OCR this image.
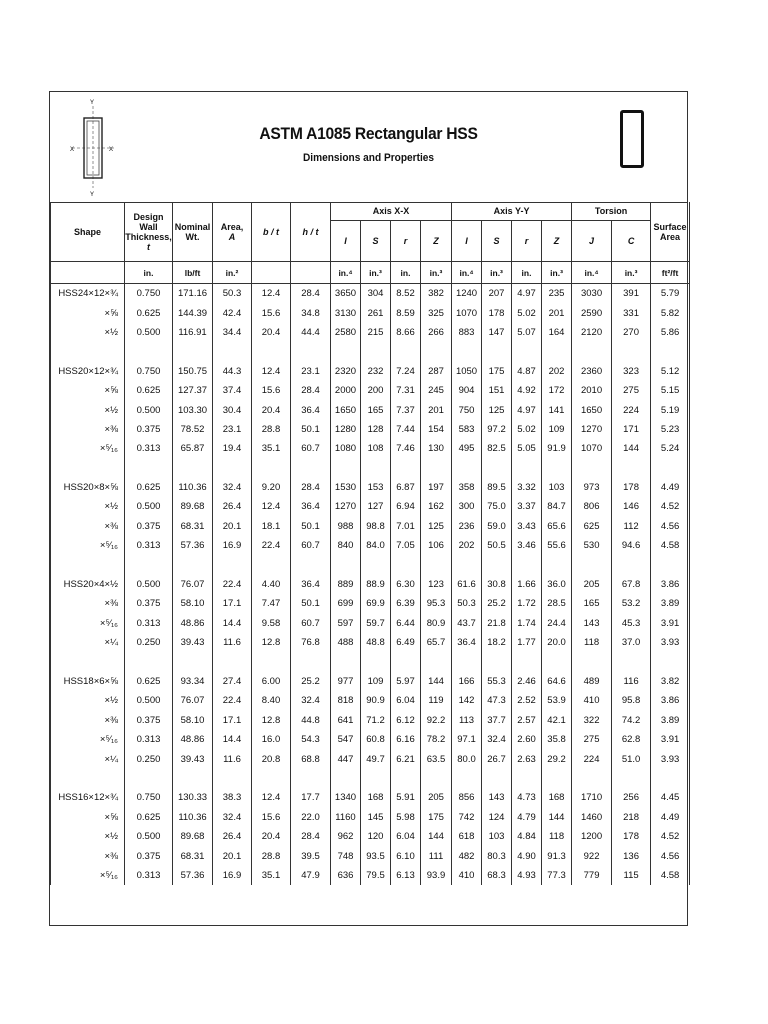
Y
Y
X	X
ASTM A1085 Rectangular HSS
Dimensions and Properties
Shape	Design Wall Thickness,
t	Nominal Wt.	Area,
A	b / t	h / t	Axis X-X				Axis Y-Y				Torsion		Surface Area
						I	S	r	Z	I	S	r	Z	J	C	
	in.	lb/ft	in.²			in.⁴	in.³	in.	in.³	in.⁴	in.³	in.	in.³	in.⁴	in.³	ft²/ft
HSS24×12×¾	0.750	171.16	50.3	12.4	28.4	3650	304	8.52	382	1240	207	4.97	235	3030	391	5.79
×⅝	0.625	144.39	42.4	15.6	34.8	3130	261	8.59	325	1070	178	5.02	201	2590	331	5.82
×½	0.500	116.91	34.4	20.4	44.4	2580	215	8.66	266	883	147	5.07	164	2120	270	5.86

HSS20×12×¾	0.750	150.75	44.3	12.4	23.1	2320	232	7.24	287	1050	175	4.87	202	2360	323	5.12
×⅝	0.625	127.37	37.4	15.6	28.4	2000	200	7.31	245	904	151	4.92	172	2010	275	5.15
×½	0.500	103.30	30.4	20.4	36.4	1650	165	7.37	201	750	125	4.97	141	1650	224	5.19
×⅜	0.375	78.52	23.1	28.8	50.1	1280	128	7.44	154	583	97.2	5.02	109	1270	171	5.23
×⁵⁄₁₆	0.313	65.87	19.4	35.1	60.7	1080	108	7.46	130	495	82.5	5.05	91.9	1070	144	5.24

HSS20×8×⅝	0.625	110.36	32.4	9.20	28.4	1530	153	6.87	197	358	89.5	3.32	103	973	178	4.49
×½	0.500	89.68	26.4	12.4	36.4	1270	127	6.94	162	300	75.0	3.37	84.7	806	146	4.52
×⅜	0.375	68.31	20.1	18.1	50.1	988	98.8	7.01	125	236	59.0	3.43	65.6	625	112	4.56
×⁵⁄₁₆	0.313	57.36	16.9	22.4	60.7	840	84.0	7.05	106	202	50.5	3.46	55.6	530	94.6	4.58

HSS20×4×½	0.500	76.07	22.4	4.40	36.4	889	88.9	6.30	123	61.6	30.8	1.66	36.0	205	67.8	3.86
×⅜	0.375	58.10	17.1	7.47	50.1	699	69.9	6.39	95.3	50.3	25.2	1.72	28.5	165	53.2	3.89
×⁵⁄₁₆	0.313	48.86	14.4	9.58	60.7	597	59.7	6.44	80.9	43.7	21.8	1.74	24.4	143	45.3	3.91
×¼	0.250	39.43	11.6	12.8	76.8	488	48.8	6.49	65.7	36.4	18.2	1.77	20.0	118	37.0	3.93

HSS18×6×⅝	0.625	93.34	27.4	6.00	25.2	977	109	5.97	144	166	55.3	2.46	64.6	489	116	3.82
×½	0.500	76.07	22.4	8.40	32.4	818	90.9	6.04	119	142	47.3	2.52	53.9	410	95.8	3.86
×⅜	0.375	58.10	17.1	12.8	44.8	641	71.2	6.12	92.2	113	37.7	2.57	42.1	322	74.2	3.89
×⁵⁄₁₆	0.313	48.86	14.4	16.0	54.3	547	60.8	6.16	78.2	97.1	32.4	2.60	35.8	275	62.8	3.91
×¼	0.250	39.43	11.6	20.8	68.8	447	49.7	6.21	63.5	80.0	26.7	2.63	29.2	224	51.0	3.93

HSS16×12×¾	0.750	130.33	38.3	12.4	17.7	1340	168	5.91	205	856	143	4.73	168	1710	256	4.45
×⅝	0.625	110.36	32.4	15.6	22.0	1160	145	5.98	175	742	124	4.79	144	1460	218	4.49
×½	0.500	89.68	26.4	20.4	28.4	962	120	6.04	144	618	103	4.84	118	1200	178	4.52
×⅜	0.375	68.31	20.1	28.8	39.5	748	93.5	6.10	111	482	80.3	4.90	91.3	922	136	4.56
×⁵⁄₁₆	0.313	57.36	16.9	35.1	47.9	636	79.5	6.13	93.9	410	68.3	4.93	77.3	779	115	4.58
